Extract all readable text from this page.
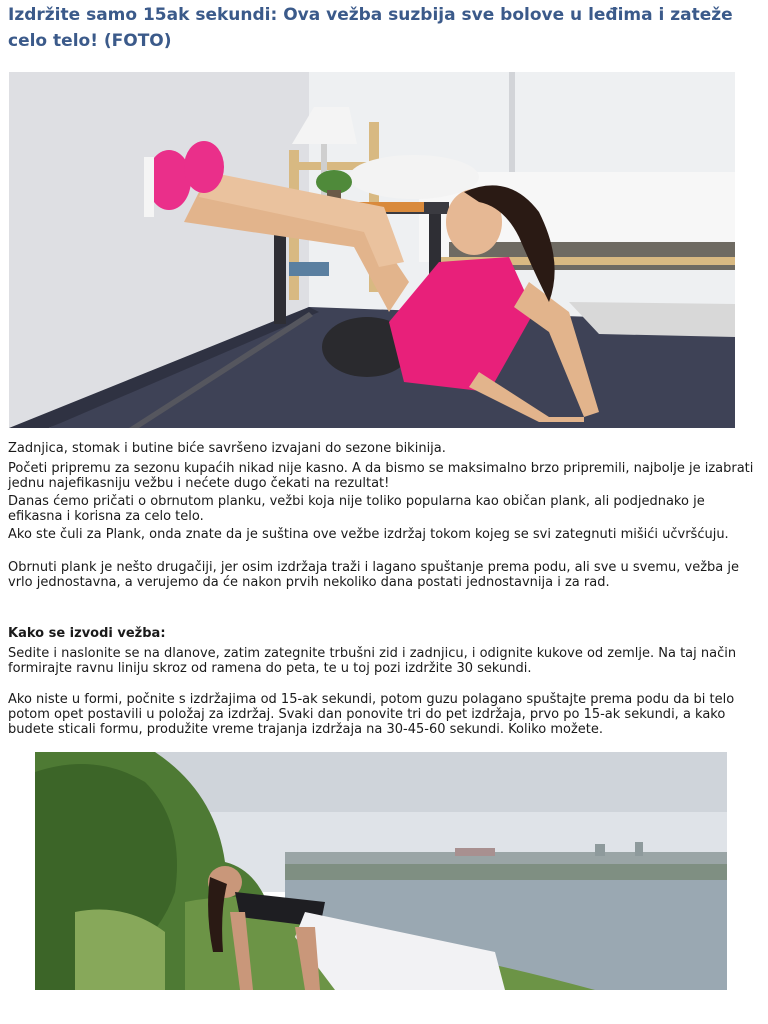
Izdržite samo 15ak sekundi: Ova vežba suzbija sve bolove u leđima i zateže celo telo! (FOTO)

Zadnjica, stomak i butine biće savršeno izvajani do sezone bikinija.

Početi pripremu za sezonu kupaćih nikad nije kasno. A da bismo se maksimalno brzo pripremili, najbolje je izabrati jednu najefikasniju vežbu i nećete dugo čekati na rezultat!

Danas ćemo pričati o obrnutom planku, vežbi koja nije toliko popularna kao običan plank, ali podjednako je efikasna i korisna za celo telo.

Ako ste čuli za Plank, onda znate da je suština ove vežbe izdržaj tokom kojeg se svi zategnuti mišići učvršćuju.

Obrnuti plank je nešto drugačiji, jer osim izdržaja traži i lagano spuštanje prema podu, ali sve u svemu, vežba je vrlo jednostavna, a verujemo da će nakon prvih nekoliko dana postati jednostavnija i za rad.

Kako se izvodi vežba:

Sedite i naslonite se na dlanove, zatim zategnite trbušni zid i zadnjicu, i odignite kukove od zemlje. Na taj način formirajte ravnu liniju skroz od ramena do peta, te u toj pozi izdržite 30 sekundi.

Ako niste u formi, počnite s izdržajima od 15-ak sekundi, potom guzu polagano spuštajte prema podu da bi telo potom opet postavili u položaj za izdržaj. Svaki dan ponovite tri do pet izdržaja, prvo po 15-ak sekundi, a kako budete sticali formu, produžite vreme trajanja izdržaja na 30-45-60 sekundi. Koliko možete.
